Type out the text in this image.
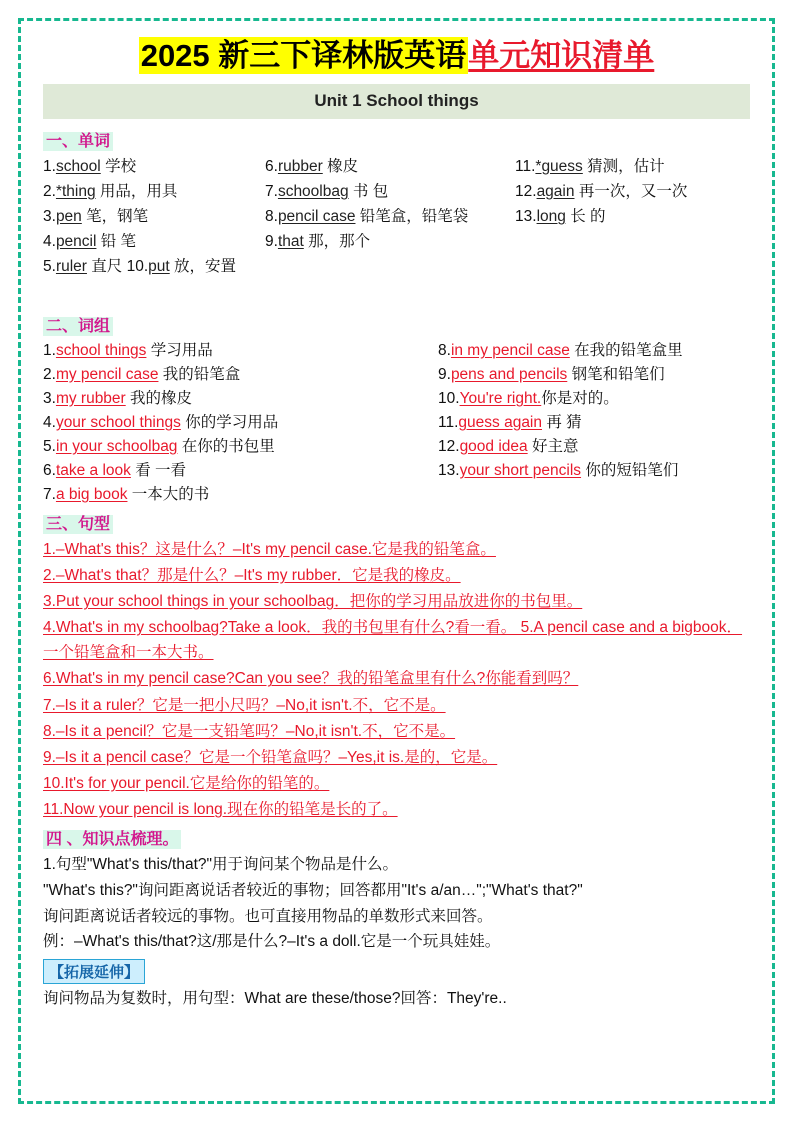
2025 新三下译林版英语单元知识清单
Unit 1 School things
一、单词
1.school 学校	6.rubber 橡皮	11.*guess 猜测，估计
2.*thing 用品，用具	7.schoolbag 书 包	12.again 再一次，又一次
3.pen 笔，钢笔	8.pencil case 铅笔盒，铅笔袋	13.long 长 的
4.pencil 铅 笔	9.that 那，那个
5.ruler 直尺 10.put 放，安置
二、词组
1.school things 学习用品
2.my pencil case 我的铅笔盒
3.my rubber 我的橡皮
4.your school things 你的学习用品
5.in your schoolbag 在你的书包里
6.take a look 看 一看
7.a big book 一本大的书
8.in my pencil case 在我的铅笔盒里
9.pens and pencils 钢笔和铅笔们
10.You're right.你是对的。
11.guess again 再 猜
12.good idea 好主意
13.your short pencils 你的短铅笔们
三、句型
1.–What's this？这是什么？–It's my pencil case.它是我的铅笔盒。
2.–What's that？那是什么？–It's my rubber．它是我的橡皮。
3.Put your school things in your schoolbag．把你的学习用品放进你的书包里。
4.What's in my schoolbag?Take a look．我的书包里有什么?看一看。 5.A pencil case and a bigbook．一个铅笔盒和一本大书。
6.What's in my pencil case?Can you see？我的铅笔盒里有什么?你能看到吗？
7.–Is it a ruler？它是一把小尺吗？–No,it isn't.不，它不是。
8.–Is it a pencil？它是一支铅笔吗？–No,it isn't.不，它不是。
9.–Is it a pencil case？它是一个铅笔盒吗？–Yes,it is.是的，它是。
10.It's for your pencil.它是给你的铅笔的。
11.Now your pencil is long.现在你的铅笔是长的了。
四 、知识点梳理。
1.句型"What's this/that?"用于询问某个物品是什么。
"What's this?"询问距离说话者较近的事物；回答都用"It's a/an…";"What's that?"
询问距离说话者较远的事物。也可直接用物品的单数形式来回答。
例：–What's this/that?这/那是什么?–It's a doll.它是一个玩具娃娃。
【拓展延伸】
询问物品为复数时，用句型：What are these/those?回答：They're..
